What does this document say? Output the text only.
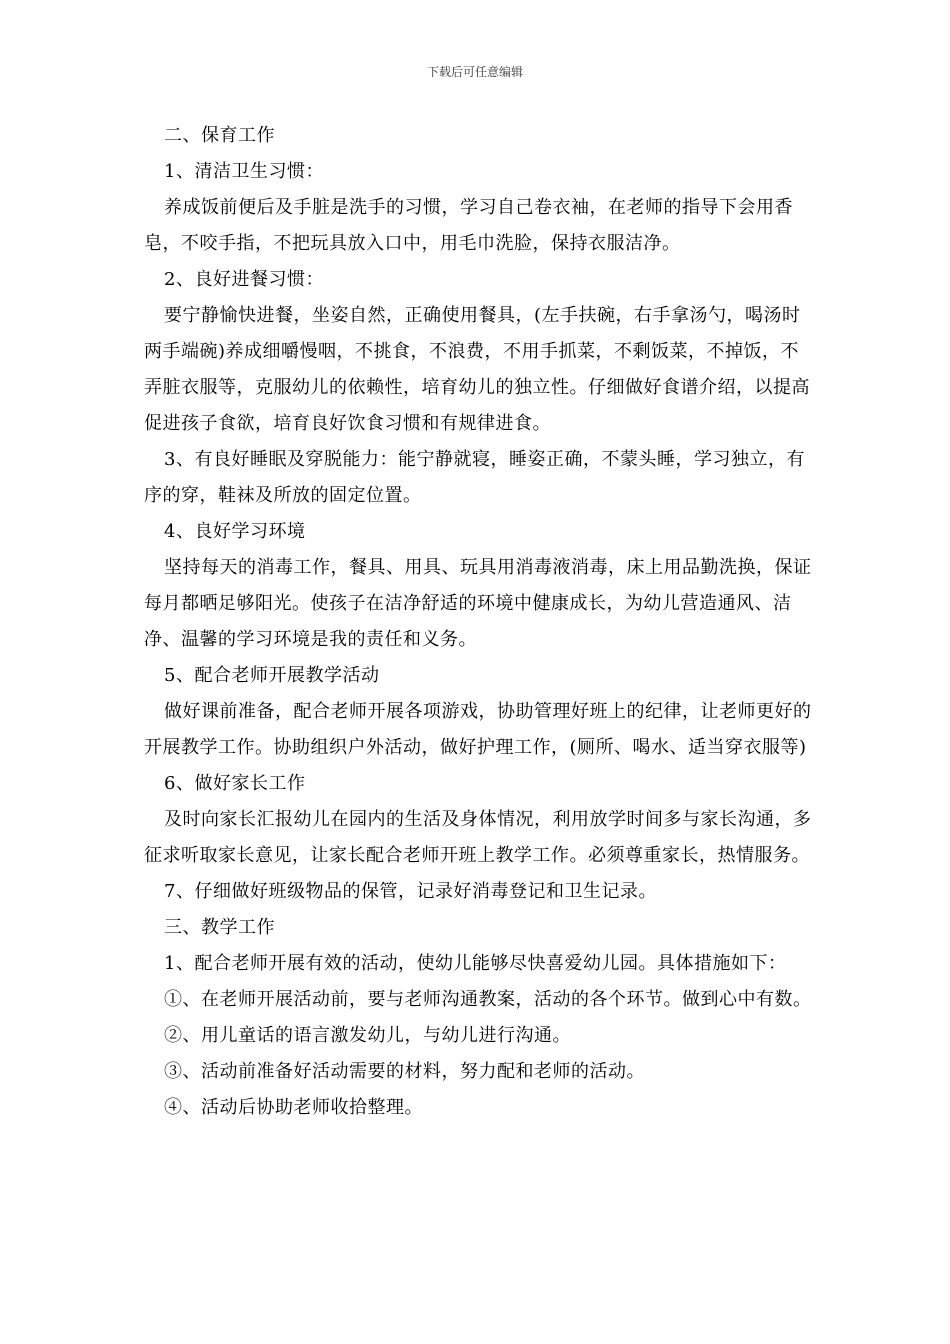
下载后可任意编辑

二、保育工作

1、清洁卫生习惯：

养成饭前便后及手脏是洗手的习惯，学习自己卷衣袖，在老师的指导下会用香皂，不咬手指，不把玩具放入口中，用毛巾洗脸，保持衣服洁净。

2、良好进餐习惯：

要宁静愉快进餐，坐姿自然，正确使用餐具，(左手扶碗，右手拿汤勺，喝汤时两手端碗)养成细嚼慢咽，不挑食，不浪费，不用手抓菜，不剩饭菜，不掉饭，不弄脏衣服等，克服幼儿的依赖性，培育幼儿的独立性。仔细做好食谱介绍，以提高促进孩子食欲，培育良好饮食习惯和有规律进食。

3、有良好睡眠及穿脱能力：能宁静就寝，睡姿正确，不蒙头睡，学习独立，有序的穿，鞋袜及所放的固定位置。

4、良好学习环境

坚持每天的消毒工作，餐具、用具、玩具用消毒液消毒，床上用品勤洗换，保证每月都晒足够阳光。使孩子在洁净舒适的环境中健康成长，为幼儿营造通风、洁净、温馨的学习环境是我的责任和义务。

5、配合老师开展教学活动

做好课前准备，配合老师开展各项游戏，协助管理好班上的纪律，让老师更好的开展教学工作。协助组织户外活动，做好护理工作，(厕所、喝水、适当穿衣服等)

6、做好家长工作

及时向家长汇报幼儿在园内的生活及身体情况，利用放学时间多与家长沟通，多征求听取家长意见，让家长配合老师开班上教学工作。必须尊重家长，热情服务。

7、仔细做好班级物品的保管，记录好消毒登记和卫生记录。

三、教学工作

1、配合老师开展有效的活动，使幼儿能够尽快喜爱幼儿园。具体措施如下：

①、在老师开展活动前，要与老师沟通教案，活动的各个环节。做到心中有数。

②、用儿童话的语言激发幼儿，与幼儿进行沟通。

③、活动前准备好活动需要的材料，努力配和老师的活动。

④、活动后协助老师收拾整理。
